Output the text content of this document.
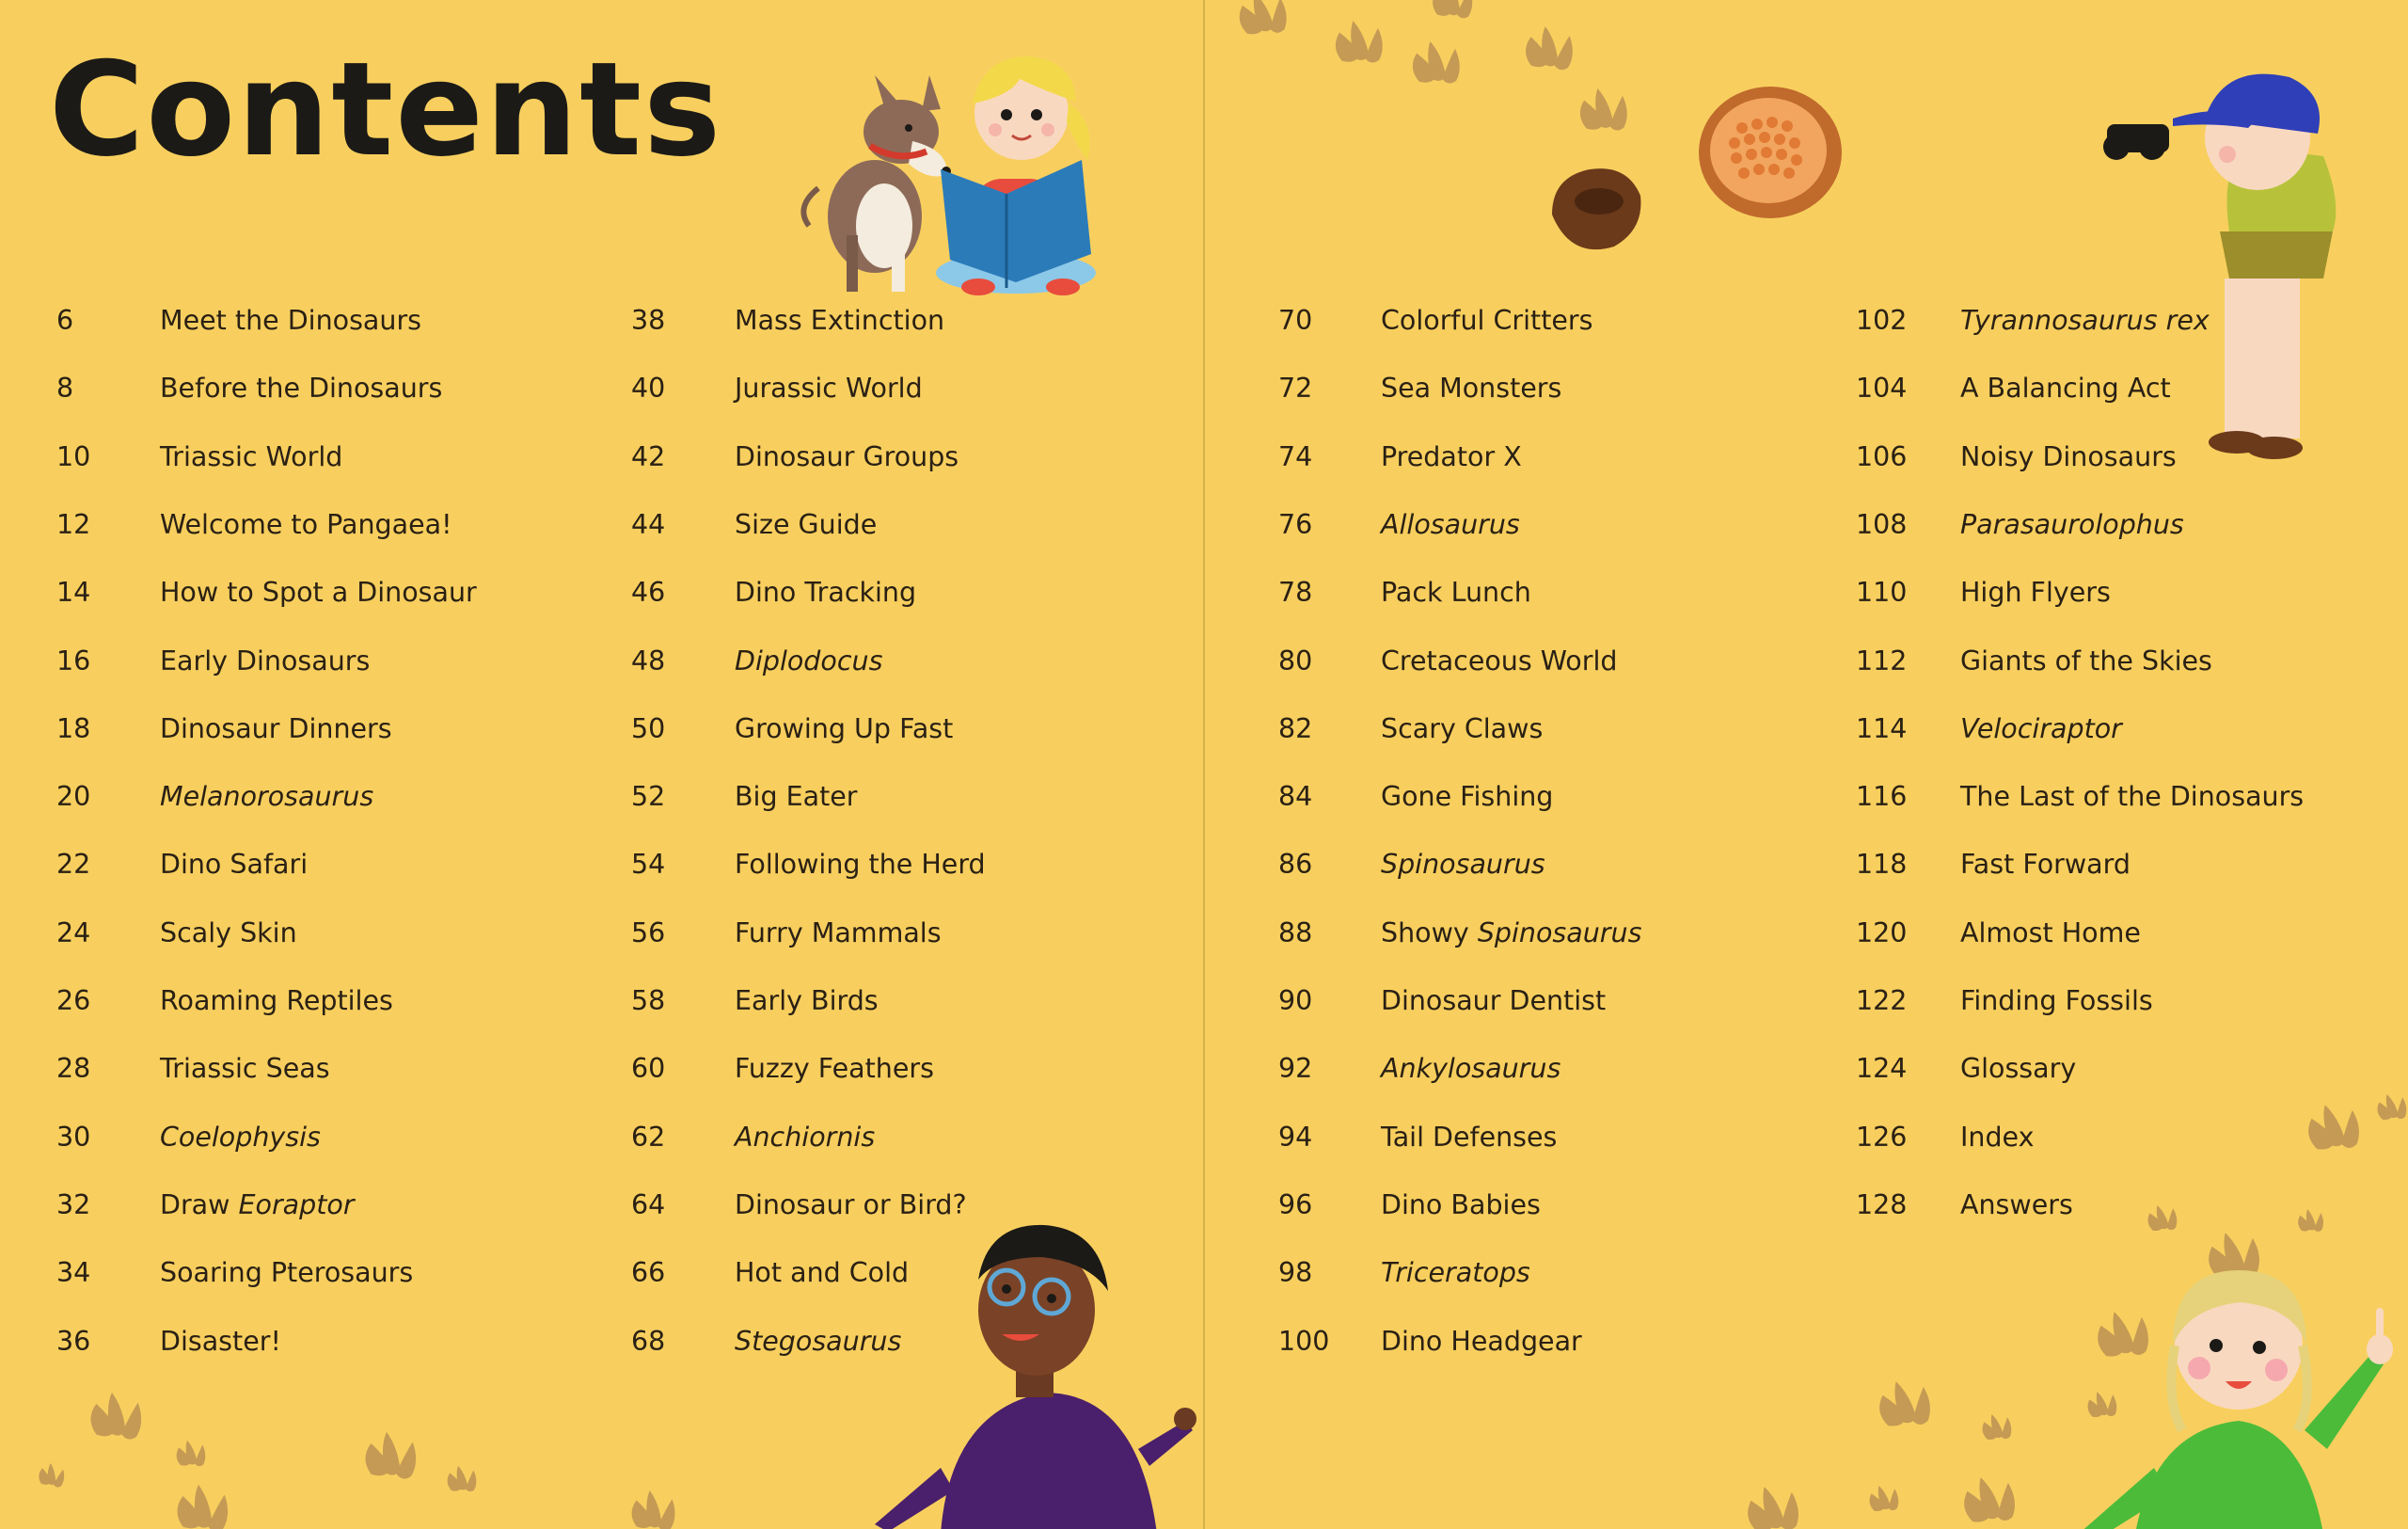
Contents
6	Meet the Dinosaurs
8	Before the Dinosaurs
10	Triassic World
12	Welcome to Pangaea!
14	How to Spot a Dinosaur
16	Early Dinosaurs
18	Dinosaur Dinners
20	Melanorosaurus
22	Dino Safari
24	Scaly Skin
26	Roaming Reptiles
28	Triassic Seas
30	Coelophysis
32	Draw Eoraptor
34	Soaring Pterosaurs
36	Disaster!
38	Mass Extinction
40	Jurassic World
42	Dinosaur Groups
44	Size Guide
46	Dino Tracking
48	Diplodocus
50	Growing Up Fast
52	Big Eater
54	Following the Herd
56	Furry Mammals
58	Early Birds
60	Fuzzy Feathers
62	Anchiornis
64	Dinosaur or Bird?
66	Hot and Cold
68	Stegosaurus
70	Colorful Critters
72	Sea Monsters
74	Predator X
76	Allosaurus
78	Pack Lunch
80	Cretaceous World
82	Scary Claws
84	Gone Fishing
86	Spinosaurus
88	Showy Spinosaurus
90	Dinosaur Dentist
92	Ankylosaurus
94	Tail Defenses
96	Dino Babies
98	Triceratops
100 Dino Headgear
102 Tyrannosaurus rex
104 A Balancing Act
106 Noisy Dinosaurs
108 Parasaurolophus
110 High Flyers
112 Giants of the Skies
114 Velociraptor
116 The Last of the Dinosaurs
118 Fast Forward
120 Almost Home
122 Finding Fossils
124 Glossary
126 Index
128 Answers
